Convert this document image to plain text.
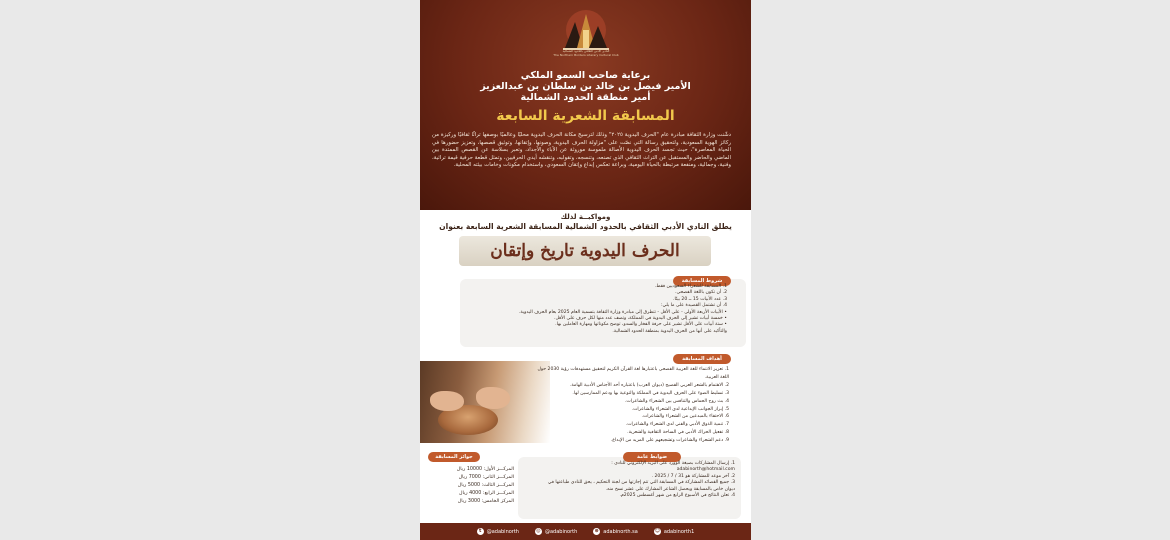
النادي الأدبي الثقافي بالحدود الشمالية
The Northern Borders Literary Cultural Club
برعاية صاحب السمو الملكي
الأمير فيصل بن خالد بن سلطان بن عبدالعزيز
أمير منطقة الحدود الشمالية
المسابقة الشعرية السابعة
دشّنت وزارة الثقافة مبادرة عام "الحرف اليدوية ٢٠٢٥" وذلك لترسيخ مكانة الحرف اليدوية محليًا وعالميًا بوصفها تراثًا ثقافيًا وركيزة من ركائز الهوية السعودية، ولتحقيق رسالة التي نصّت على "مزاولة الحرف اليدوية، وصونها، وإتقانها، وتوثيق قصصها، وتعزيز حضورها في الحياة المعاصرة"، حيث تجسد الحرف اليدوية الأصالة ملموسة موروثة عن الآباء والأجداد، وتعبر بسلاسة عن القصص الممتدة بين الماضي والحاضر والمستقبل عن التراث الثقافي الذي تصنعه، وتنسجه، وتقولبه، وتنقشه أيدي الحرفيين، وتمثل قطعة حرفية قيمة تراثية، وفنية، وجمالية، ومنفعة مرتبطة بالحياة اليومية، وبراعة تعكس إبداع وإتقان السعودي، واستخدام مكونات وخامات بيئته المحلية.
ومواكبــة لذلك
يطلق النادي الأدبي الثقافي بالحدود الشمالية المسابقة الشعرية السابعة بعنوان
الحرف اليدوية تاريخ وإتقان
شروط المسابقة
1. المسابقة للشعراء السعوديين فقط.
2. أن تكون باللغة الفصحى.
3. عدد الأبيات 15 ــ 20 بيتًا.
4. أن تشتمل القصيدة على ما يلي:
• الأبيات الأربعة الأولى - على الأقل - تتطرق إلى مبادرة وزارة الثقافة بتسمية العام 2025 بعام الحرف اليدوية.
• خمسة أبيات تشير إلى الحرف اليدوية في المملكة، وتصف عدد منها لكل حرف على الأقل.
• ستة أبيات على الأقل تشير على حرفة الفخار والسدو، توضح مكوناتها ومهارة العاملين بها.
والتأكيد على أنها من الحرف اليدوية بمنطقة الحدود الشمالية.
أهداف المسابقة
1. تعزيز الانتماء للغة العربية الفصحى باعتبارها لغة القرآن الكريم لتحقيق مستهدفات رؤية 2030 حول اللغة العربية.
2. الاهتمام بالشعر العربي الفصيح (ديوان العرب) باعتباره أحد الأجناس الأدبية الهامة.
3. تسليط الضوء على الحرف اليدوية في المملكة والتوعية بها ودعم الممارسين لها.
4. بث روح الحماس والتنافس بين الشعراء والشاعرات.
5. إبراز الجوانب الإبداعية لدى الشعراء والشاعرات.
6. الاحتفاء بالمبدعين من الشعراء والشاعرات.
7. تنمية الذوق الأدبي والفني لدى الشعراء والشاعرات.
8. تفعيل الحراك الأدبي في الساحة الثقافية والشعرية.
9. دعم الشعراء والشاعرات وتشجيعهم على المزيد من الإبداع.
ضوابط عامة
1. إرسال المشاركات بصيغة الوورد على البريد الإلكتروني للنادي :
adabinorth@hotmail.com
2. آخر موعد للمشاركة هو 31 / 7 / 2025 .
3. جميع القصائد المشاركة في المسابقة التي تتم إجازتها من لجنة التحكيم ، يحق للنادي طباعتها في ديوان خاص بالمسابقة ويحصل الشاعر المشارك على عشر نسخ منه.
4. تعلن النتائج في الأسبوع الرابع من شهر أغسطس 2025م.
جوائز المسابقة
المركـــز الأول: 10000 ريال
المركـــز الثاني: 7000 ريال
المركـــز الثالث: 5000 ريال
المركـــز الرابع: 4000 ريال
المركز الخامس: 3000 ريال
t	@adabinorth	◎ @adabinorth	⊕ adabinorth.sa	☺ adabinorth1
